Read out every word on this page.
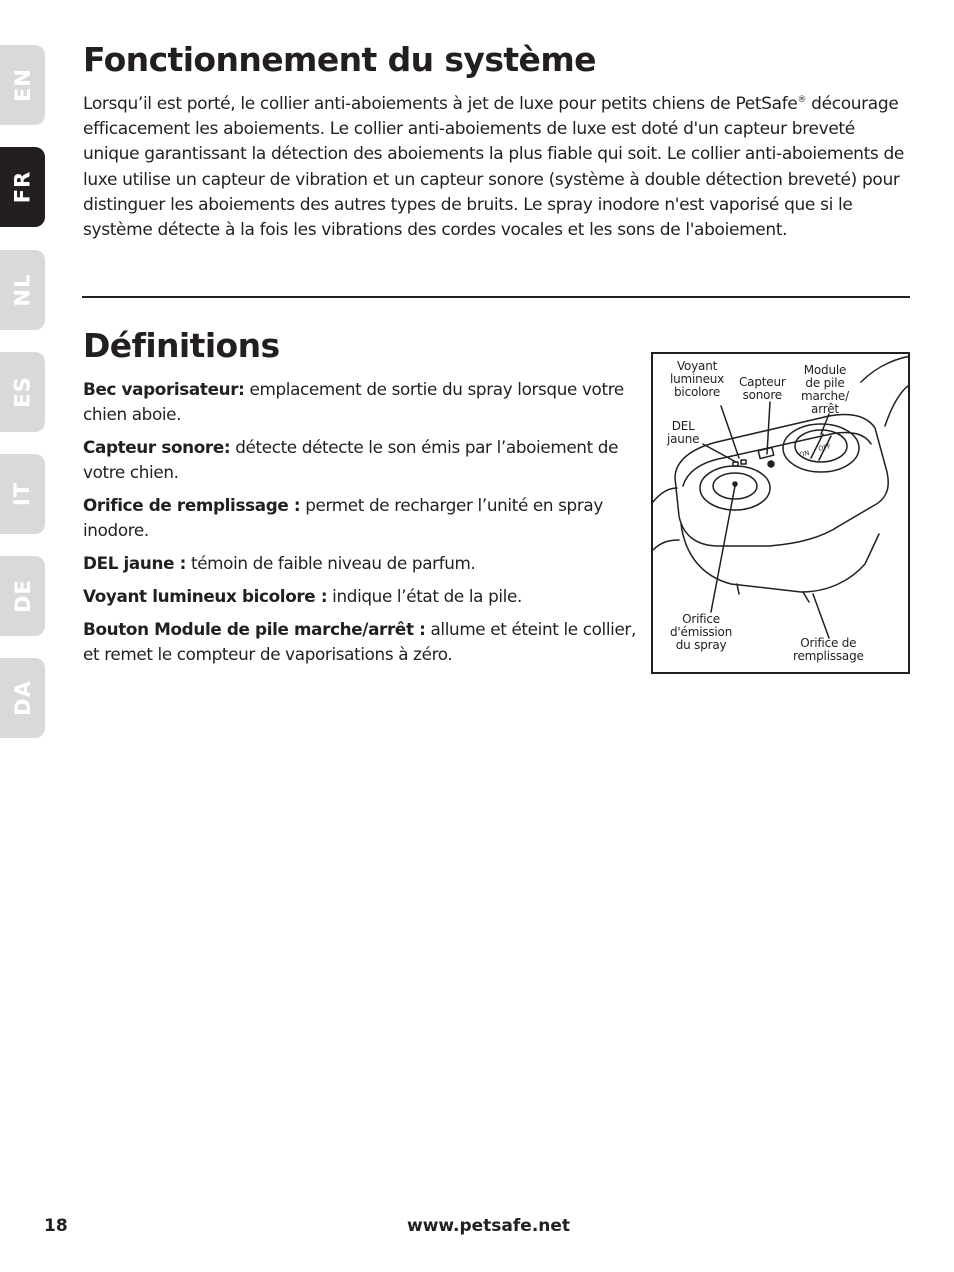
EN
FR
NL
ES
IT
DE
DA
Fonctionnement du système

Lorsqu’il est porté, le collier anti-aboiements à jet de luxe pour petits chiens de PetSafe® décourage efficacement les aboiements. Le collier anti-aboiements de luxe est doté d'un capteur breveté unique garantissant la détection des aboiements la plus fiable qui soit. Le collier anti-aboiements de luxe utilise un capteur de vibration et un capteur sonore (système à double détection breveté) pour distinguer les aboiements des autres types de bruits. Le spray inodore n'est vaporisé que si le système détecte à la fois les vibrations des cordes vocales et les sons de l'aboiement.

Définitions

Bec vaporisateur: emplacement de sortie du spray lorsque votre chien aboie.

Capteur sonore: détecte détecte le son émis par l’aboiement de votre chien.

Orifice de remplissage : permet de recharger l’unité en spray inodore.

DEL jaune : témoin de faible niveau de parfum.

Voyant lumineux bicolore : indique l’état de la pile.

Bouton Module de pile marche/arrêt : allume et éteint le collier, et remet le compteur de vaporisations à zéro.

ON
OFF
Voyant
lumineux
bicolore
Capteur
sonore
Module
de pile
marche/
arrêt
DEL
jaune
Orifice
d'émission
du spray	Orifice de
remplissage
18	www.petsafe.net
